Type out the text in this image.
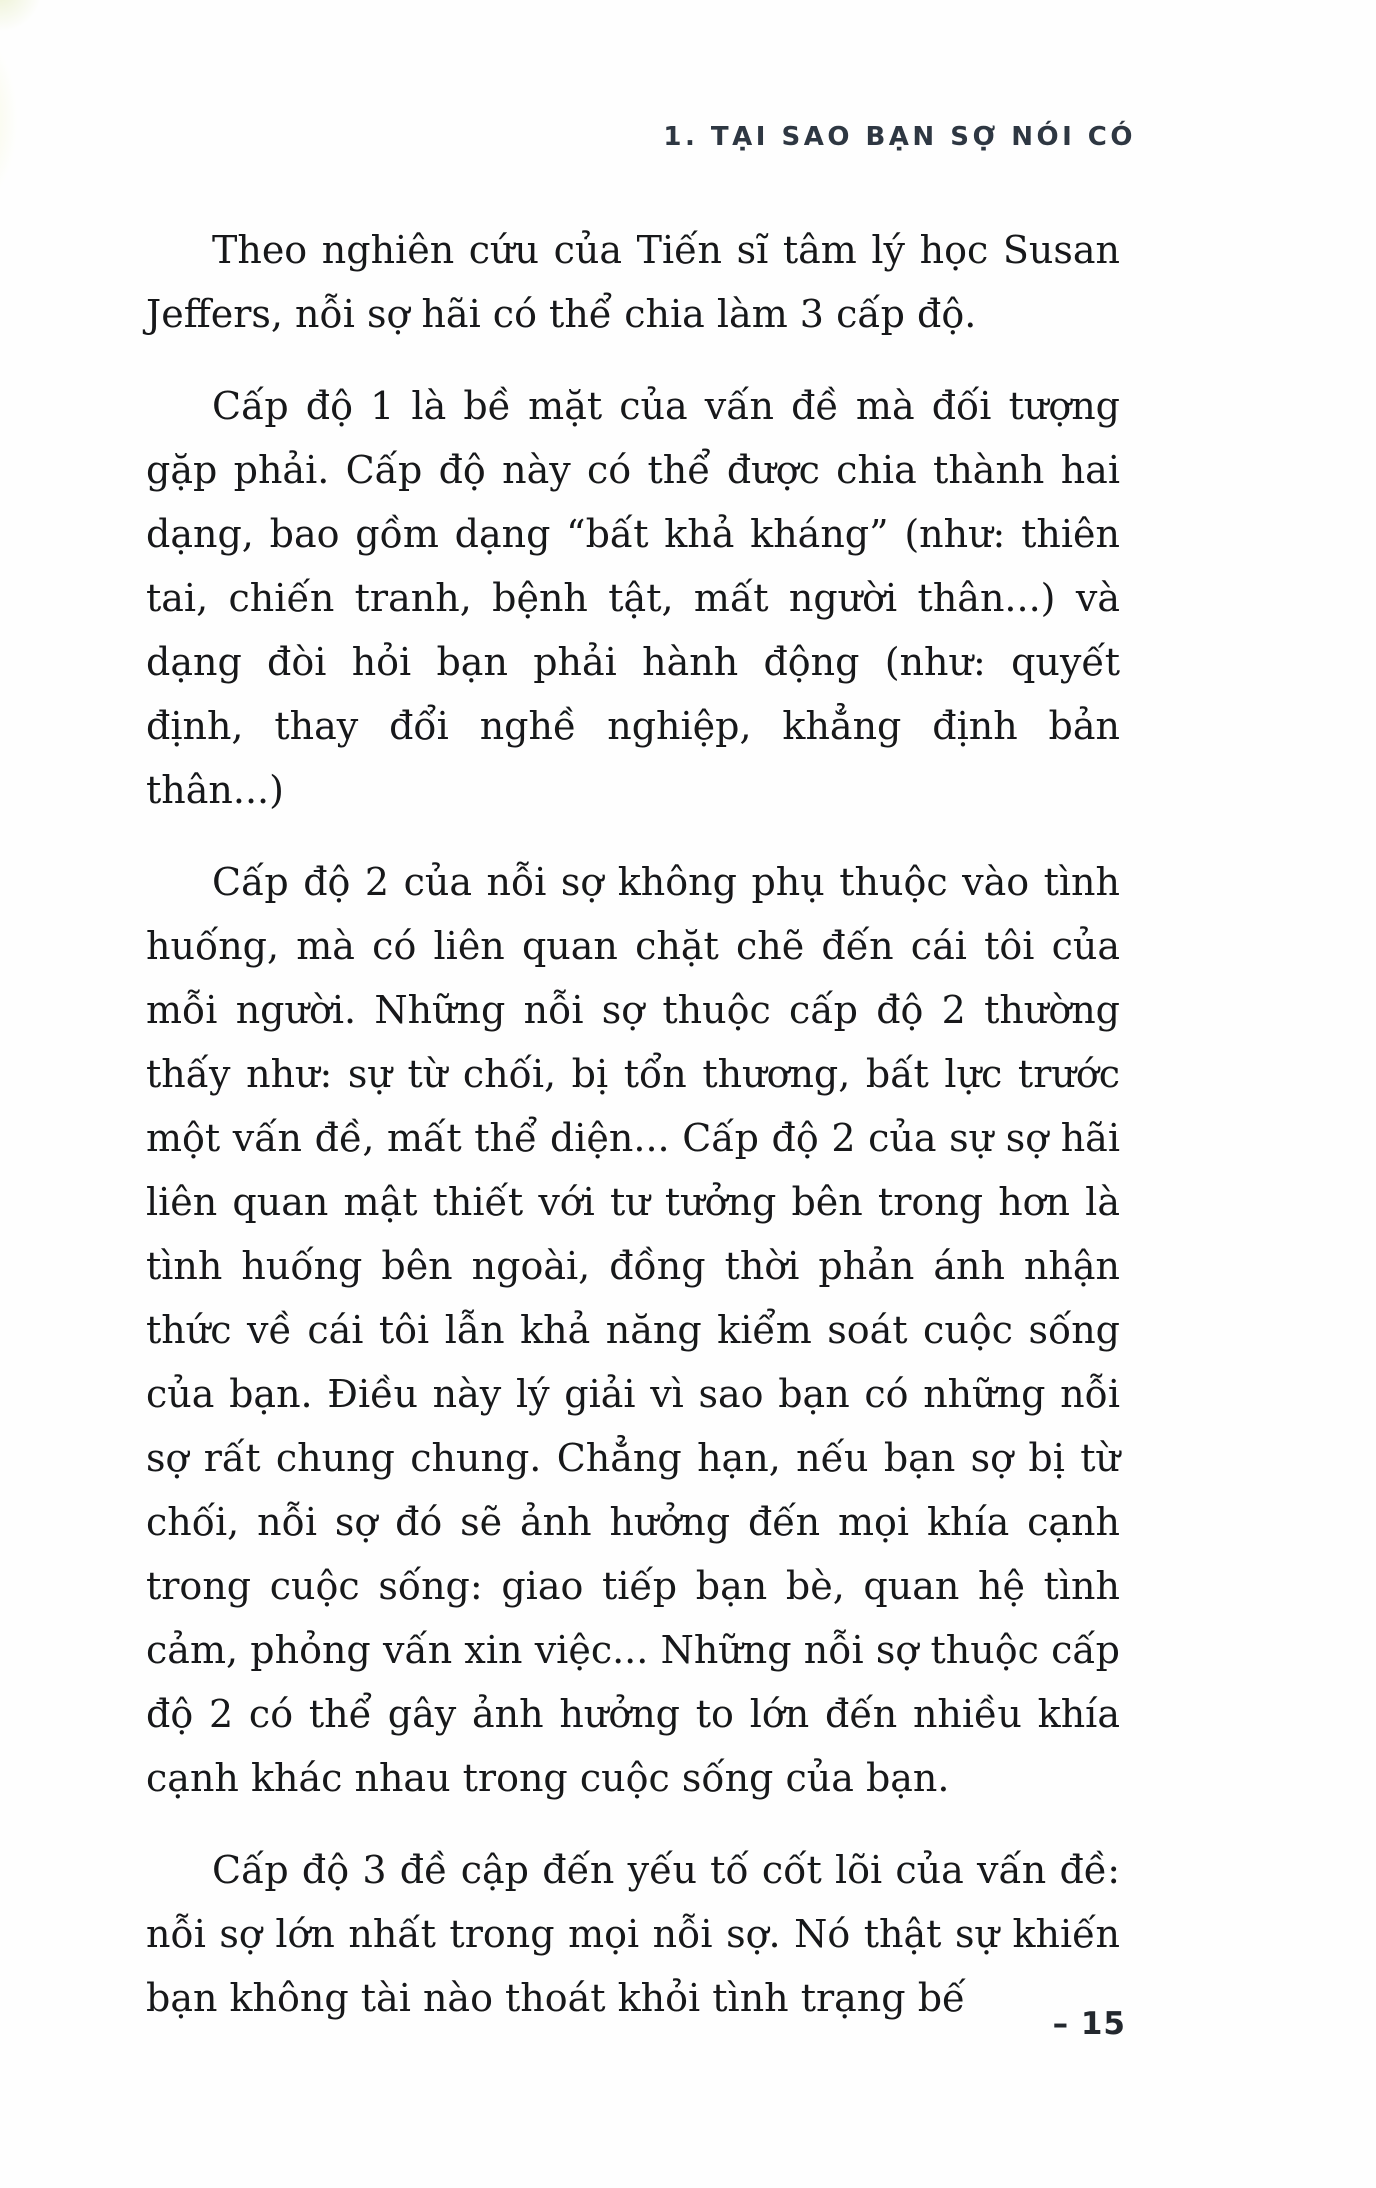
1. TẠI SAO BẠN SỢ NÓI CÓ

Theo nghiên cứu của Tiến sĩ tâm lý học Susan Jeffers, nỗi sợ hãi có thể chia làm 3 cấp độ.

Cấp độ 1 là bề mặt của vấn đề mà đối tượng gặp phải. Cấp độ này có thể được chia thành hai dạng, bao gồm dạng “bất khả kháng” (như: thiên tai, chiến tranh, bệnh tật, mất người thân...) và dạng đòi hỏi bạn phải hành động (như: quyết định, thay đổi nghề nghiệp, khẳng định bản thân...)

Cấp độ 2 của nỗi sợ không phụ thuộc vào tình huống, mà có liên quan chặt chẽ đến cái tôi của mỗi người. Những nỗi sợ thuộc cấp độ 2 thường thấy như: sự từ chối, bị tổn thương, bất lực trước một vấn đề, mất thể diện... Cấp độ 2 của sự sợ hãi liên quan mật thiết với tư tưởng bên trong hơn là tình huống bên ngoài, đồng thời phản ánh nhận thức về cái tôi lẫn khả năng kiểm soát cuộc sống của bạn. Điều này lý giải vì sao bạn có những nỗi sợ rất chung chung. Chẳng hạn, nếu bạn sợ bị từ chối, nỗi sợ đó sẽ ảnh hưởng đến mọi khía cạnh trong cuộc sống: giao tiếp bạn bè, quan hệ tình cảm, phỏng vấn xin việc... Những nỗi sợ thuộc cấp độ 2 có thể gây ảnh hưởng to lớn đến nhiều khía cạnh khác nhau trong cuộc sống của bạn.

Cấp độ 3 đề cập đến yếu tố cốt lõi của vấn đề: nỗi sợ lớn nhất trong mọi nỗi sợ. Nó thật sự khiến bạn không tài nào thoát khỏi tình trạng bế

– 15
